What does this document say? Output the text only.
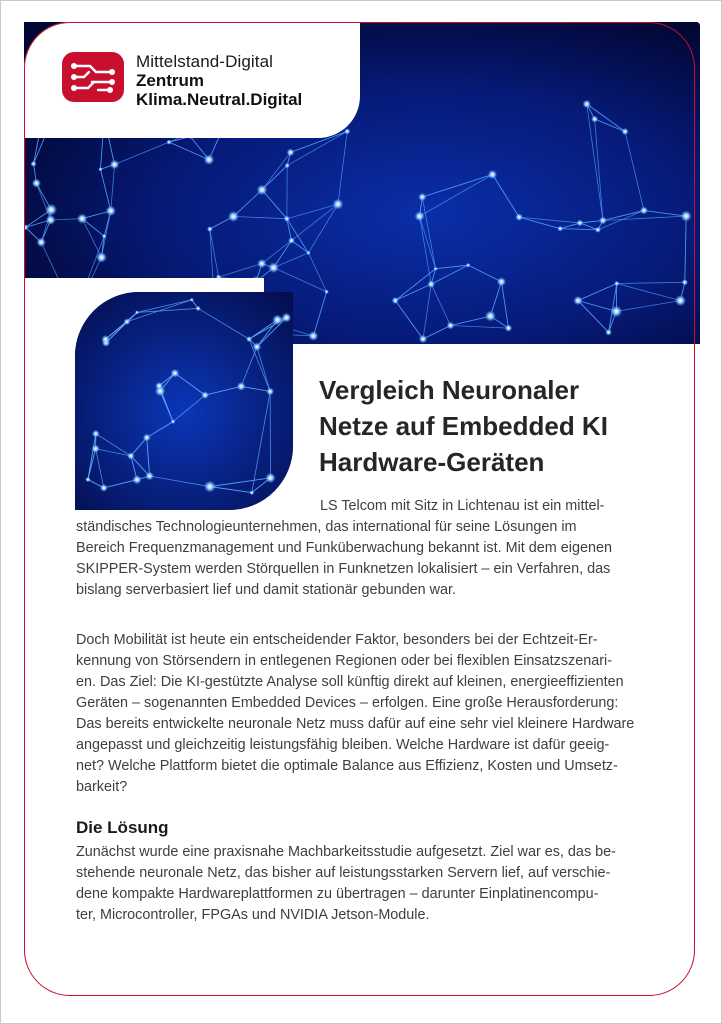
Mittelstand-Digital
Zentrum
Klima.Neutral.Digital
Vergleich Neuronaler
Netze auf Embedded KI
Hardware-Geräten

LS Telcom mit Sitz in Lichtenau ist ein mittel-

ständisches Technologieunternehmen, das international für seine Lösungen im
Bereich Frequenzmanagement und Funküberwachung bekannt ist. Mit dem eigenen
SKIPPER-System werden Störquellen in Funknetzen lokalisiert – ein Verfahren, das
bislang serverbasiert lief und damit stationär gebunden war.

Doch Mobilität ist heute ein entscheidender Faktor, besonders bei der Echtzeit-Er-
kennung von Störsendern in entlegenen Regionen oder bei flexiblen Einsatzszenari-
en. Das Ziel: Die KI-gestützte Analyse soll künftig direkt auf kleinen, energieeffizienten
Geräten – sogenannten Embedded Devices – erfolgen. Eine große Herausforderung:
Das bereits entwickelte neuronale Netz muss dafür auf eine sehr viel kleinere Hardware
angepasst und gleichzeitig leistungsfähig bleiben. Welche Hardware ist dafür geeig-
net? Welche Plattform bietet die optimale Balance aus Effizienz, Kosten und Umsetz-
barkeit?

Die Lösung

Zunächst wurde eine praxisnahe Machbarkeitsstudie aufgesetzt. Ziel war es, das be-
stehende neuronale Netz, das bisher auf leistungsstarken Servern lief, auf verschie-
dene kompakte Hardwareplattformen zu übertragen – darunter Einplatinencompu-
ter, Microcontroller, FPGAs und NVIDIA Jetson-Module.
